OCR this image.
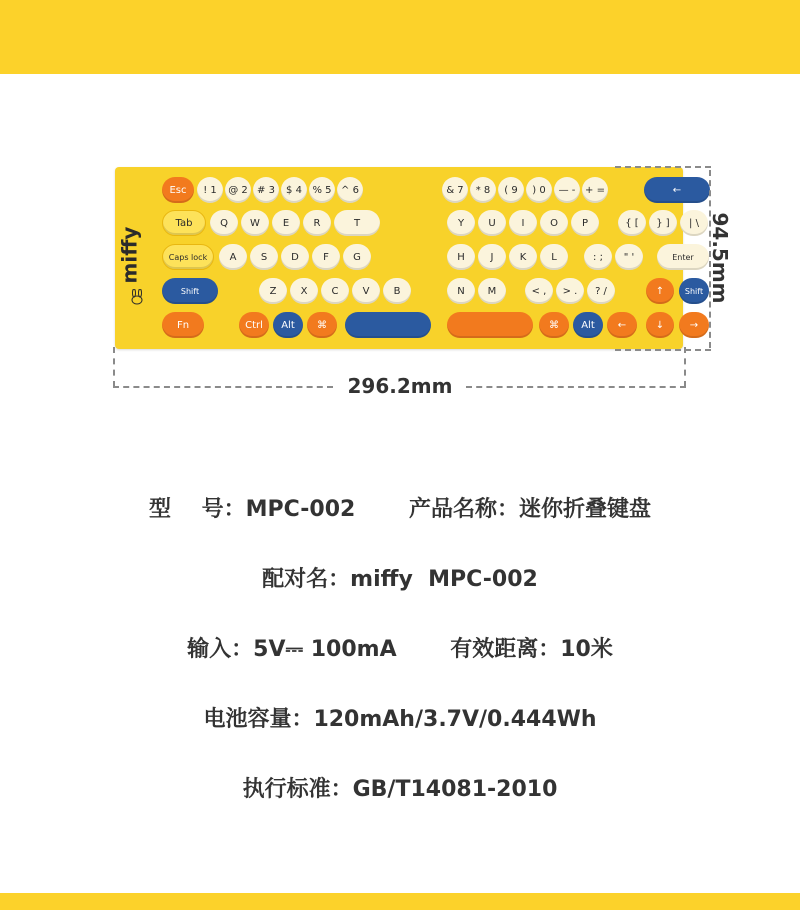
miffy
Esc	! 1	@ 2 # 3	$ 4	% 5 ^ 6	& 7	* 8	( 9	) 0	— - + =	←
Tab	Q	W	E	R	T	Y	U	I	O	P	{ [	} ]	| \
Caps lock	A	S	D	F	G	H	J	K	L	: ;	" '	Enter
Shift	Z	X	C	V	B	N	M	< ,	> .	? /	↑	Shift
Fn	Ctrl	Alt	⌘	⌘	Alt	←	↓	→
94.5mm
296.2mm
型    号：MPC-002       产品名称：迷你折叠键盘
配对名：miffy  MPC-002
输入：5V⎓ 100mA       有效距离：10米
电池容量：120mAh/3.7V/0.444Wh
执行标准：GB/T14081-2010
